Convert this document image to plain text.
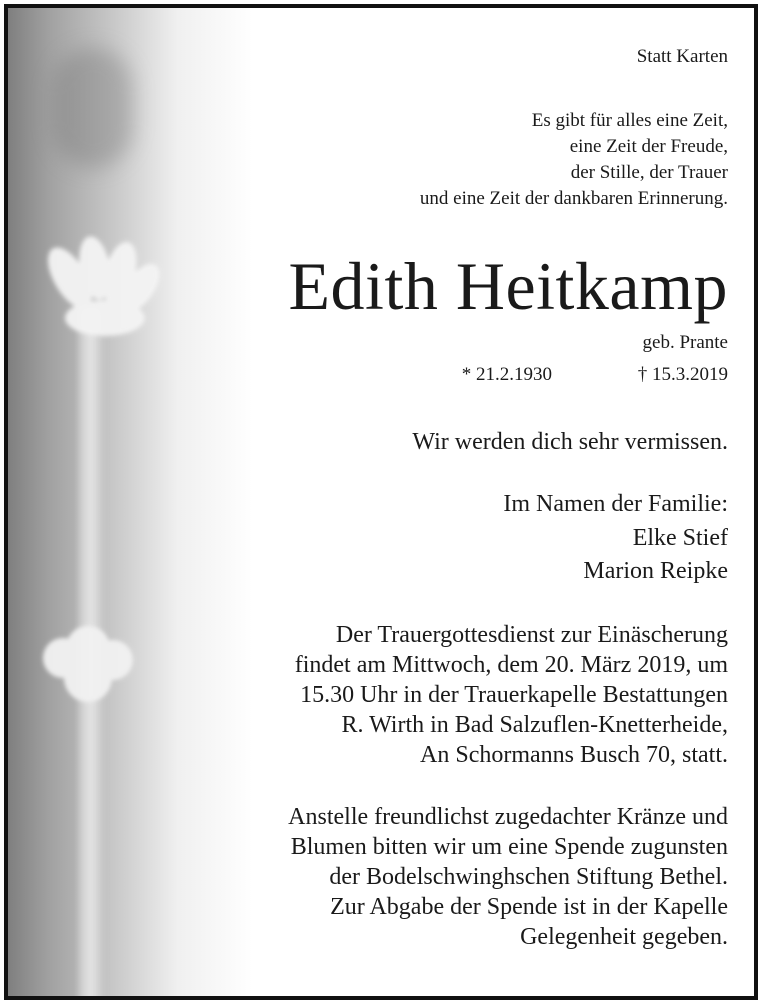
Statt Karten
Es gibt für alles eine Zeit,
eine Zeit der Freude,
der Stille, der Trauer
und eine Zeit der dankbaren Erinnerung.
Edith Heitkamp
geb. Prante
* 21.2.1930	† 15.3.2019
Wir werden dich sehr vermissen.
Im Namen der Familie:
Elke Stief
Marion Reipke
Der Trauergottesdienst zur Einäscherung
findet am Mittwoch, dem 20. März 2019, um
15.30 Uhr in der Trauerkapelle Bestattungen
R. Wirth in Bad Salzuflen-Knetterheide,
An Schormanns Busch 70, statt.
Anstelle freundlichst zugedachter Kränze und
Blumen bitten wir um eine Spende zugunsten
der Bodelschwinghschen Stiftung Bethel.
Zur Abgabe der Spende ist in der Kapelle
Gelegenheit gegeben.
